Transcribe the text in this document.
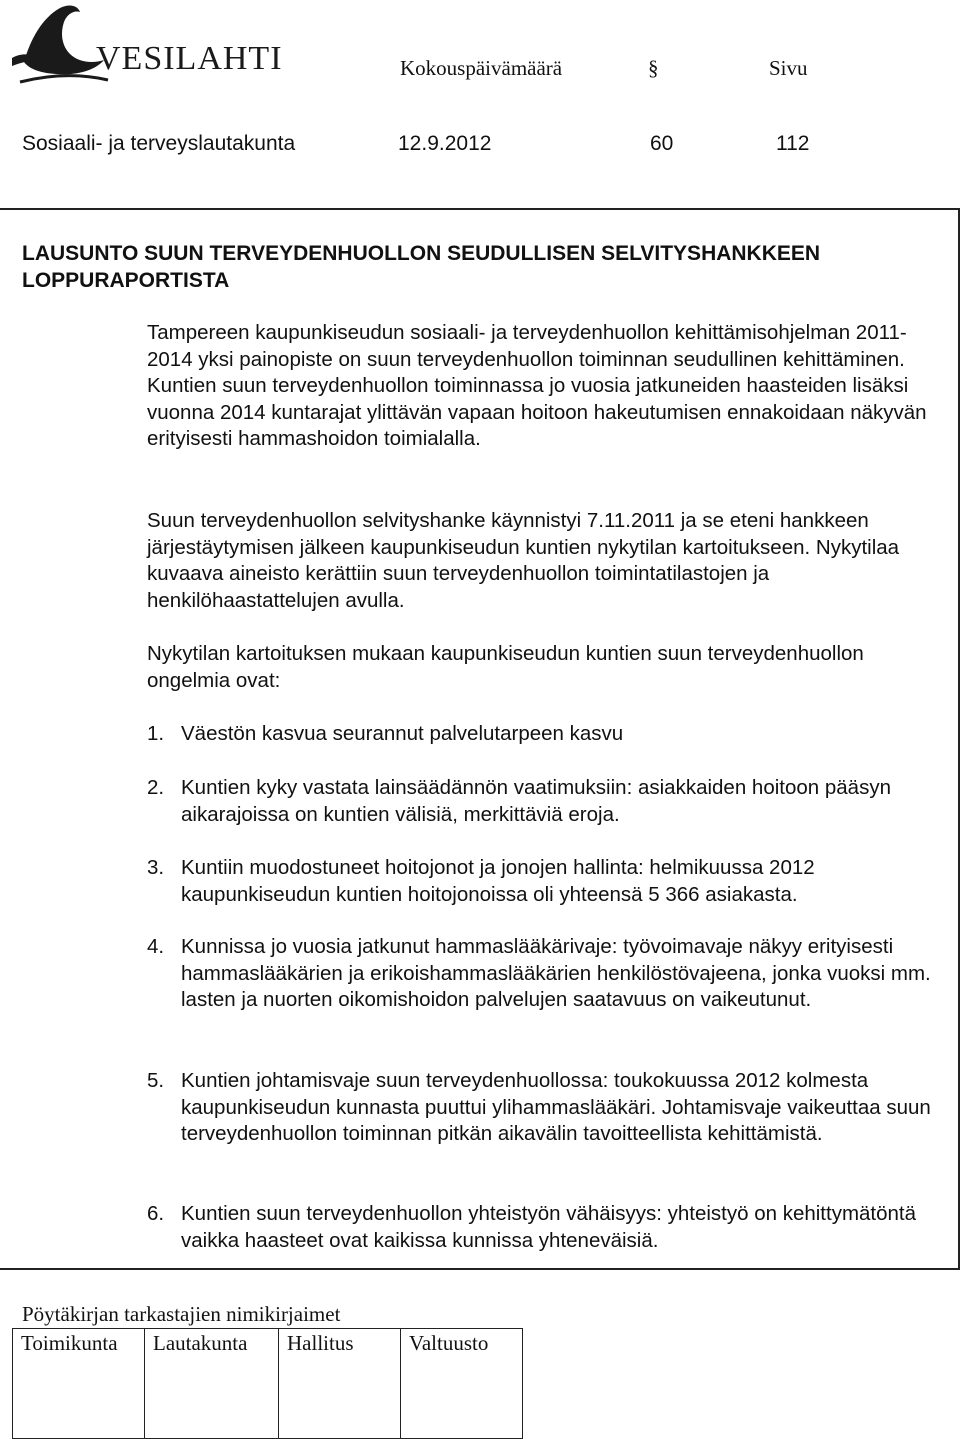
VESILAHTI	Kokouspäivämäärä	§	Sivu
Sosiaali- ja terveyslautakunta	12.9.2012	60	112
LAUSUNTO SUUN TERVEYDENHUOLLON SEUDULLISEN SELVITYSHANKKEEN
LOPPURAPORTISTA
Tampereen kaupunkiseudun sosiaali- ja terveydenhuollon kehittämisohjelman 2011-2014 yksi painopiste on suun terveydenhuollon toiminnan seudullinen kehittäminen. Kuntien suun terveydenhuollon toiminnassa jo vuosia jatkuneiden haasteiden lisäksi vuonna 2014 kuntarajat ylittävän vapaan hoitoon hakeutumisen ennakoidaan näkyvän erityisesti hammashoidon toimialalla.
Suun terveydenhuollon selvityshanke käynnistyi 7.11.2011 ja se eteni hankkeen järjestäytymisen jälkeen kaupunkiseudun kuntien nykytilan kartoitukseen. Nykytilaa kuvaava aineisto kerättiin suun terveydenhuollon toimintatilastojen ja henkilöhaastattelujen avulla.
Nykytilan kartoituksen mukaan kaupunkiseudun kuntien suun terveydenhuollon ongelmia ovat:
1. Väestön kasvua seurannut palvelutarpeen kasvu
2. Kuntien kyky vastata lainsäädännön vaatimuksiin: asiakkaiden hoitoon pääsyn aikarajoissa on kuntien välisiä, merkittäviä eroja.
3. Kuntiin muodostuneet hoitojonot ja jonojen hallinta: helmikuussa 2012 kaupunkiseudun kuntien hoitojonoissa oli yhteensä 5 366 asiakasta.
4. Kunnissa jo vuosia jatkunut hammaslääkärivaje: työvoimavaje näkyy erityisesti hammaslääkärien ja erikoishammaslääkärien henkilöstövajeena, jonka vuoksi mm. lasten ja nuorten oikomishoidon palvelujen saatavuus on vaikeutunut.
5. Kuntien johtamisvaje suun terveydenhuollossa: toukokuussa 2012 kolmesta kaupunkiseudun kunnasta puuttui ylihammaslääkäri. Johtamisvaje vaikeuttaa suun terveydenhuollon toiminnan pitkän aikavälin tavoitteellista kehittämistä.
6. Kuntien suun terveydenhuollon yhteistyön vähäisyys: yhteistyö on kehittymätöntä vaikka haasteet ovat kaikissa kunnissa yhteneväisiä.
Pöytäkirjan tarkastajien nimikirjaimet
Toimikunta	Lautakunta	Hallitus	Valtuusto
